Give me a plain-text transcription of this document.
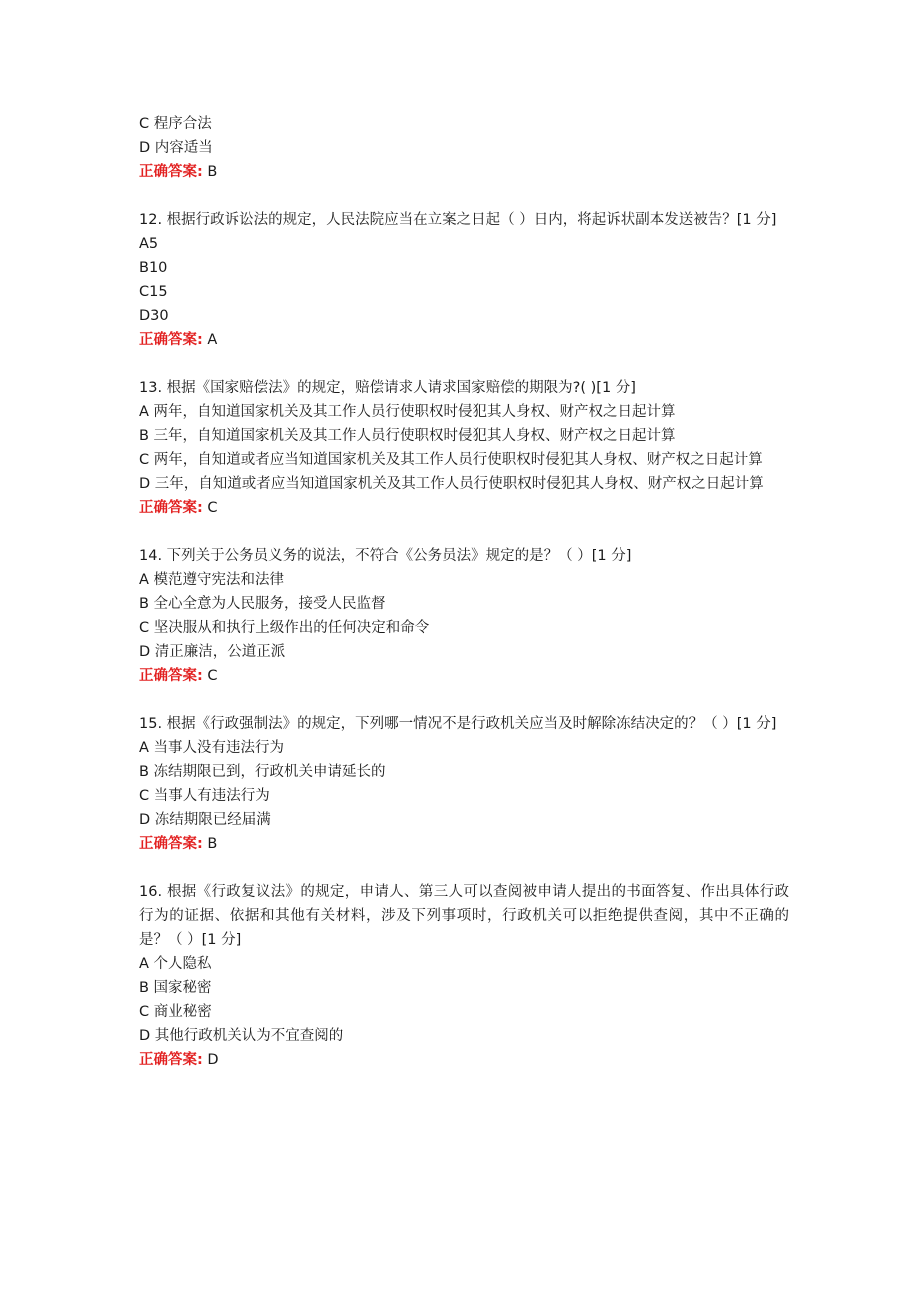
C 程序合法
D 内容适当
正确答案: B
12. 根据行政诉讼法的规定，人民法院应当在立案之日起（ ）日内，将起诉状副本发送被告？[1 分]
A5
B10
C15
D30
正确答案: A
13. 根据《国家赔偿法》的规定，赔偿请求人请求国家赔偿的期限为?( )[1 分]
A 两年，自知道国家机关及其工作人员行使职权时侵犯其人身权、财产权之日起计算
B 三年，自知道国家机关及其工作人员行使职权时侵犯其人身权、财产权之日起计算
C 两年，自知道或者应当知道国家机关及其工作人员行使职权时侵犯其人身权、财产权之日起计算
D 三年，自知道或者应当知道国家机关及其工作人员行使职权时侵犯其人身权、财产权之日起计算
正确答案: C
14. 下列关于公务员义务的说法，不符合《公务员法》规定的是？（ ）[1 分]
A 模范遵守宪法和法律
B 全心全意为人民服务，接受人民监督
C 坚决服从和执行上级作出的任何决定和命令
D 清正廉洁，公道正派
正确答案: C
15. 根据《行政强制法》的规定，下列哪一情况不是行政机关应当及时解除冻结决定的？（ ）[1 分]
A 当事人没有违法行为
B 冻结期限已到，行政机关申请延长的
C 当事人有违法行为
D 冻结期限已经届满
正确答案: B
16. 根据《行政复议法》的规定，申请人、第三人可以查阅被申请人提出的书面答复、作出具体行政行为的证据、依据和其他有关材料，涉及下列事项时，行政机关可以拒绝提供查阅，其中不正确的是？（ ）[1 分]
A 个人隐私
B 国家秘密
C 商业秘密
D 其他行政机关认为不宜查阅的
正确答案: D
